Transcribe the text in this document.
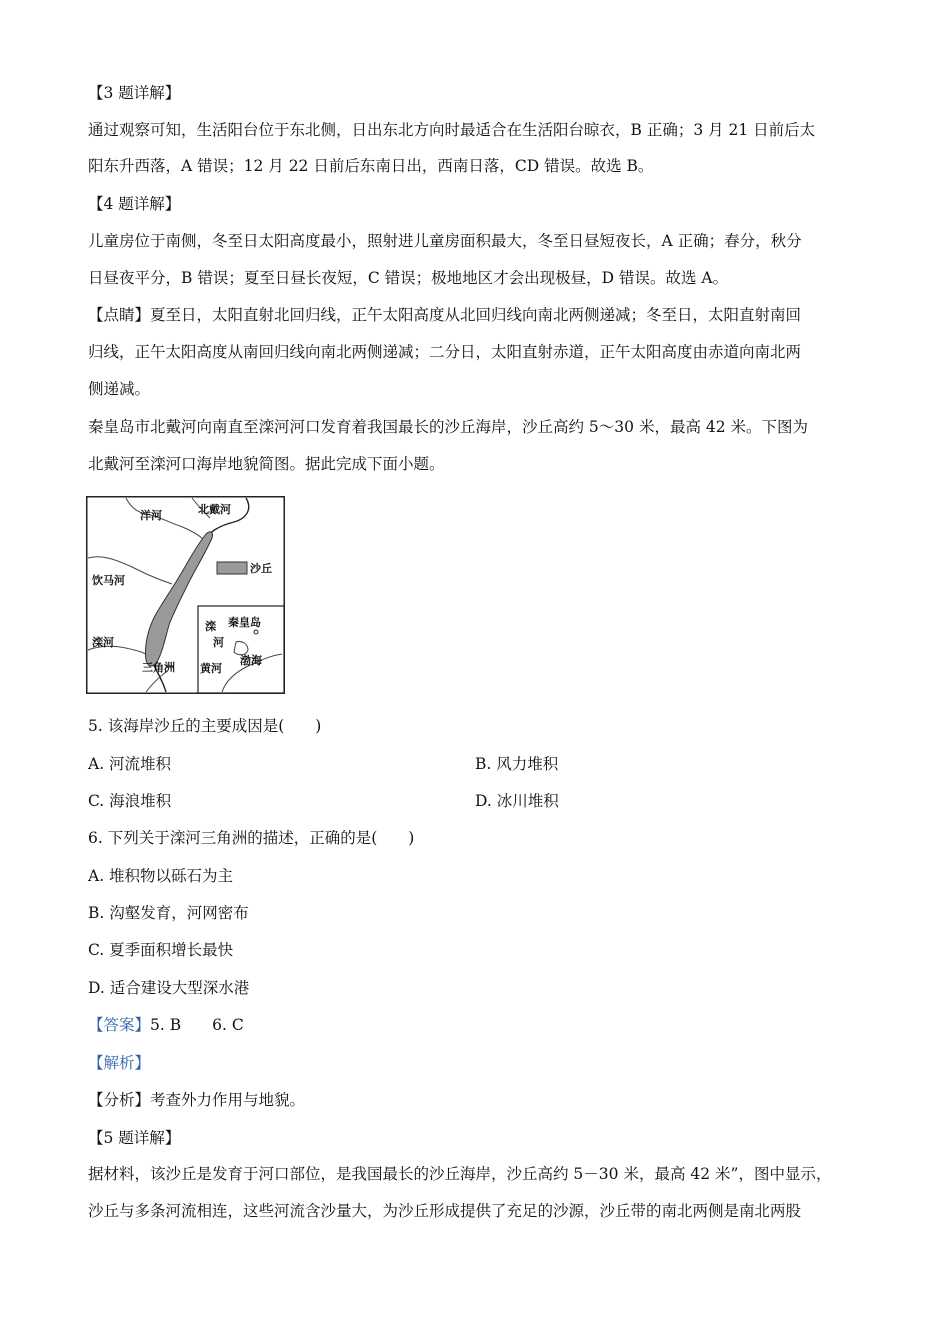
【3 题详解】
通过观察可知，生活阳台位于东北侧，日出东北方向时最适合在生活阳台晾衣，B 正确；3 月 21 日前后太
阳东升西落，A 错误；12 月 22 日前后东南日出，西南日落，CD 错误。故选 B。
【4 题详解】
儿童房位于南侧，冬至日太阳高度最小，照射进儿童房面积最大，冬至日昼短夜长，A 正确；春分，秋分
日昼夜平分，B 错误；夏至日昼长夜短，C 错误；极地地区才会出现极昼，D 错误。故选 A。
【点睛】夏至日，太阳直射北回归线，正午太阳高度从北回归线向南北两侧递减；冬至日，太阳直射南回
归线，正午太阳高度从南回归线向南北两侧递减；二分日，太阳直射赤道，正午太阳高度由赤道向南北两
侧递减。
秦皇岛市北戴河向南直至滦河河口发育着我国最长的沙丘海岸，沙丘高约 5～30 米，最高 42 米。下图为
北戴河至滦河口海岸地貌简图。据此完成下面小题。
洋河	北戴河
沙丘
饮马河
滦河
三角洲
滦
河
秦皇岛
渤海
黄河
5. 该海岸沙丘的主要成因是(　　)
A. 河流堆积	B. 风力堆积
C. 海浪堆积	D. 冰川堆积
6. 下列关于滦河三角洲的描述，正确的是(　　)
A. 堆积物以砾石为主
B. 沟壑发育，河网密布
C. 夏季面积增长最快
D. 适合建设大型深水港
【答案】5. B　　6. C
【解析】
【分析】考查外力作用与地貌。
【5 题详解】
据材料，该沙丘是发育于河口部位，是我国最长的沙丘海岸，沙丘高约 5－30 米，最高 42 米”，图中显示，
沙丘与多条河流相连，这些河流含沙量大，为沙丘形成提供了充足的沙源，沙丘带的南北两侧是南北两股
